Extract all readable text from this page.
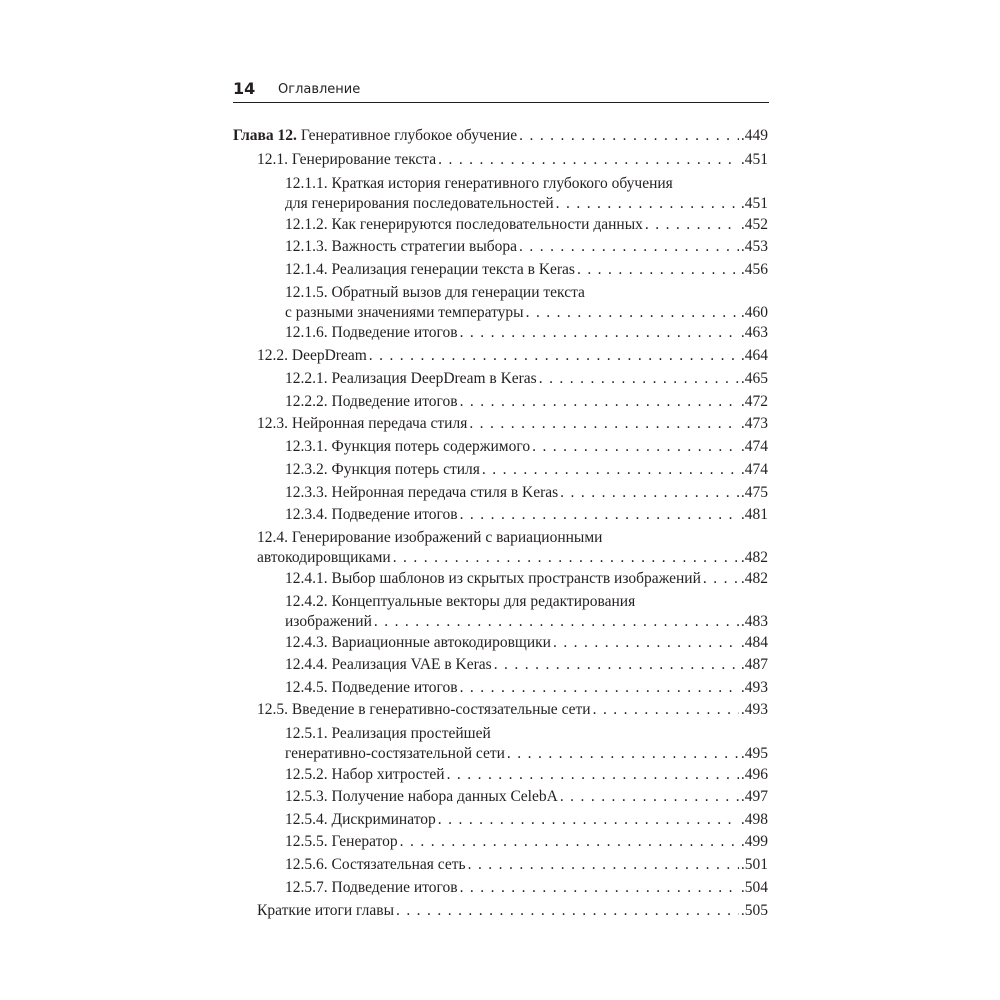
14 Оглавление
Глава 12.
Генеративное глубокое обучение . . .	.449
12.1. Генерирование текста . . .	.451
12.1.1. Краткая история генеративного глубокого обучения
для генерирования последовательностей . . .	.451
12.1.2. Как генерируются последовательности данных . . .	.452
12.1.3. Важность стратегии выбора . . .	.453
12.1.4. Реализация генерации текста в Keras . . .	.456
12.1.5. Обратный вызов для генерации текста
с разными значениями температуры . . .	.460
12.1.6. Подведение итогов . . .	.463
12.2. DeepDream . . .	.464
12.2.1. Реализация DeepDream в Keras . . .	.465
12.2.2. Подведение итогов . . .	.472
12.3. Нейронная передача стиля . . .	.473
12.3.1. Функция потерь содержимого . . .	.474
12.3.2. Функция потерь стиля . . .	.474
12.3.3. Нейронная передача стиля в Keras . . .	.475
12.3.4. Подведение итогов . . .	.481
12.4. Генерирование изображений с вариационными
автокодировщиками . . .	.482
12.4.1. Выбор шаблонов из скрытых пространств изображений . . .	.482
12.4.2. Концептуальные векторы для редактирования
изображений . . .	.483
12.4.3. Вариационные автокодировщики . . .	.484
12.4.4. Реализация VAE в Keras . . .	.487
12.4.5. Подведение итогов . . .	.493
12.5. Введение в генеративно-состязательные сети . . .	.493
12.5.1. Реализация простейшей
генеративно-состязательной сети . . .	.495
12.5.2. Набор хитростей . . .	.496
12.5.3. Получение набора данных CelebA . . .	.497
12.5.4. Дискриминатор . . .	.498
12.5.5. Генератор . . .	.499
12.5.6. Состязательная сеть . . .	.501
12.5.7. Подведение итогов . . .	.504
Краткие итоги главы . . .	.505
